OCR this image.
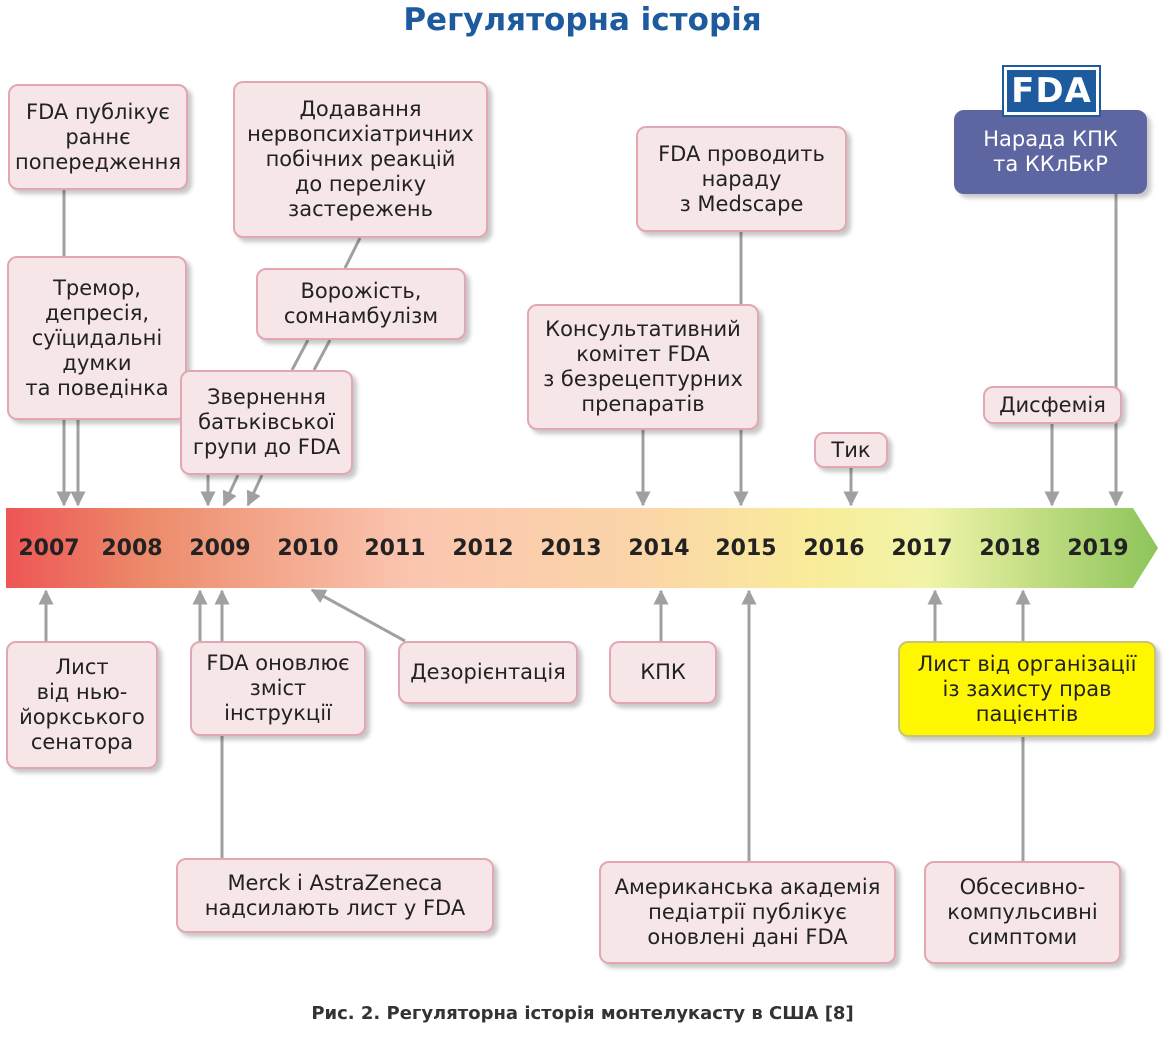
Регуляторна історія
2007 2008	2009	2010	2011	2012	2013	2014	2015	2016	2017	2018	2019
FDA публікує
раннє
попередження
Тремор,
депресія,
суїцидальні
думки
та поведінка
Додавання
нервопсихіатричних
побічних реакцій
до переліку
застережень
Ворожість,
сомнамбулізм
Звернення
батьківської
групи до FDA
FDA проводить
нараду
з Medscape
Консультативний
комітет FDA
з безрецептурних
препаратів
Тик
Дисфемія
Нарада КПК
та ККлБкР
FDA
Лист
від нью-
йоркського
сенатора
FDA оновлює
зміст
інструкції
Дезорієнтація
Merck і AstraZeneca
надсилають лист у FDA
КПК
Американська академія
педіатрії публікує
оновлені дані FDA
Лист від організації
із захисту прав
пацієнтів
Обсесивно-
компульсивні
симптоми
Рис. 2. Регуляторна історія монтелукасту в США [8]
